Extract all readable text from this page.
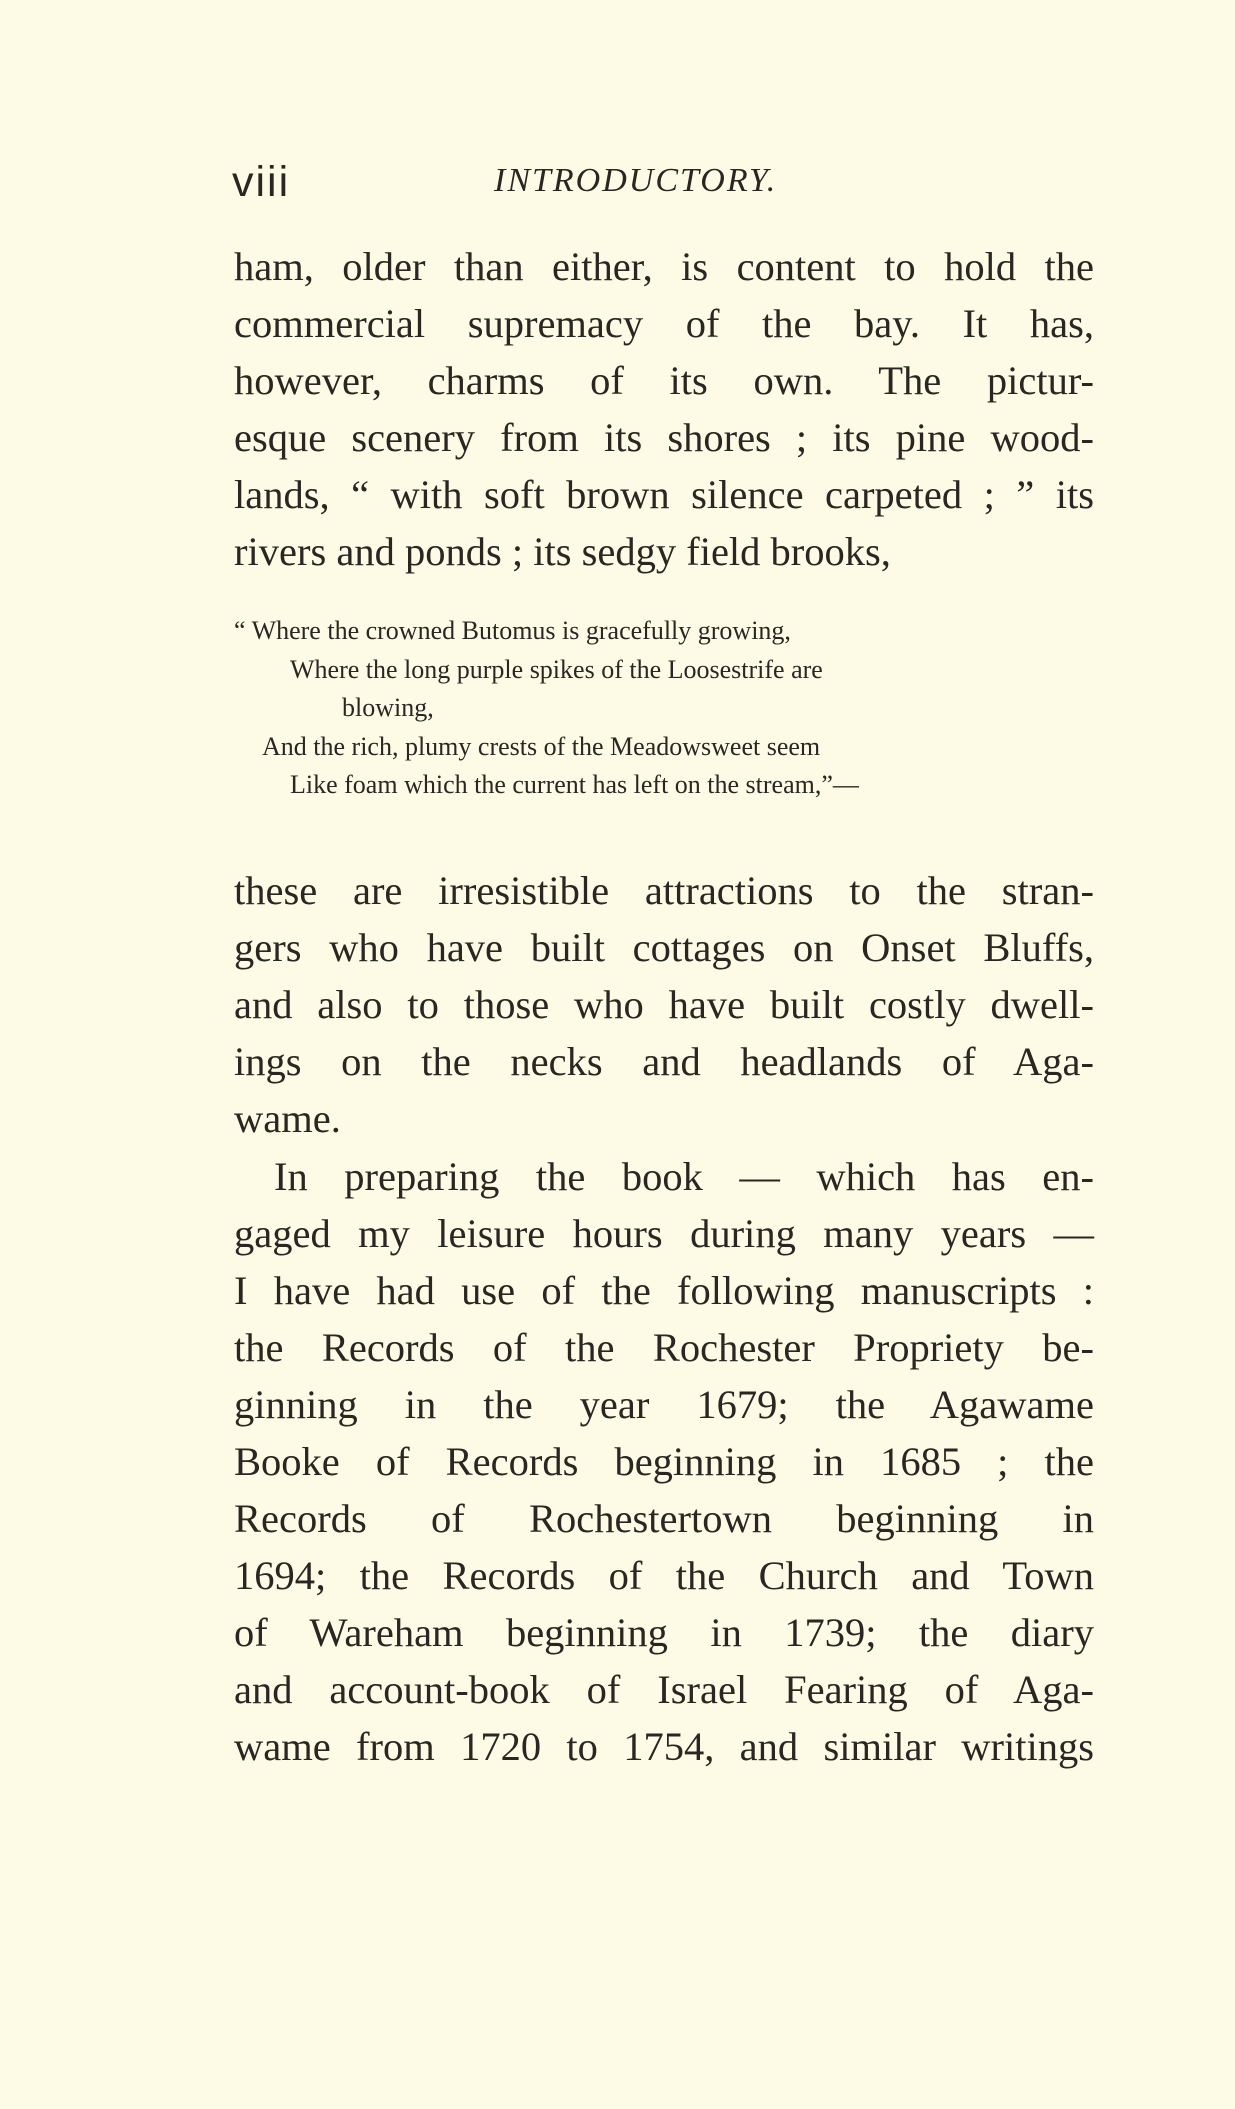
viii	INTRODUCTORY.
ham, older than either, is content to hold the
commercial supremacy of the bay. It has,
however, charms of its own. The pictur-
esque scenery from its shores ; its pine wood-
lands, “ with soft brown silence carpeted ; ” its
rivers and ponds ; its sedgy field brooks,
“ Where the crowned Butomus is gracefully growing,
Where the long purple spikes of the Loosestrife are
blowing,
And the rich, plumy crests of the Meadowsweet seem
Like foam which the current has left on the stream,”—
these are irresistible attractions to the stran-
gers who have built cottages on Onset Bluffs,
and also to those who have built costly dwell-
ings on the necks and headlands of Aga-
wame.
In preparing the book — which has en-
gaged my leisure hours during many years —
I have had use of the following manuscripts :
the Records of the Rochester Propriety be-
ginning in the year 1679; the Agawame
Booke of Records beginning in 1685 ; the
Records of Rochestertown beginning in
1694; the Records of the Church and Town
of Wareham beginning in 1739; the diary
and account-book of Israel Fearing of Aga-
wame from 1720 to 1754, and similar writings
